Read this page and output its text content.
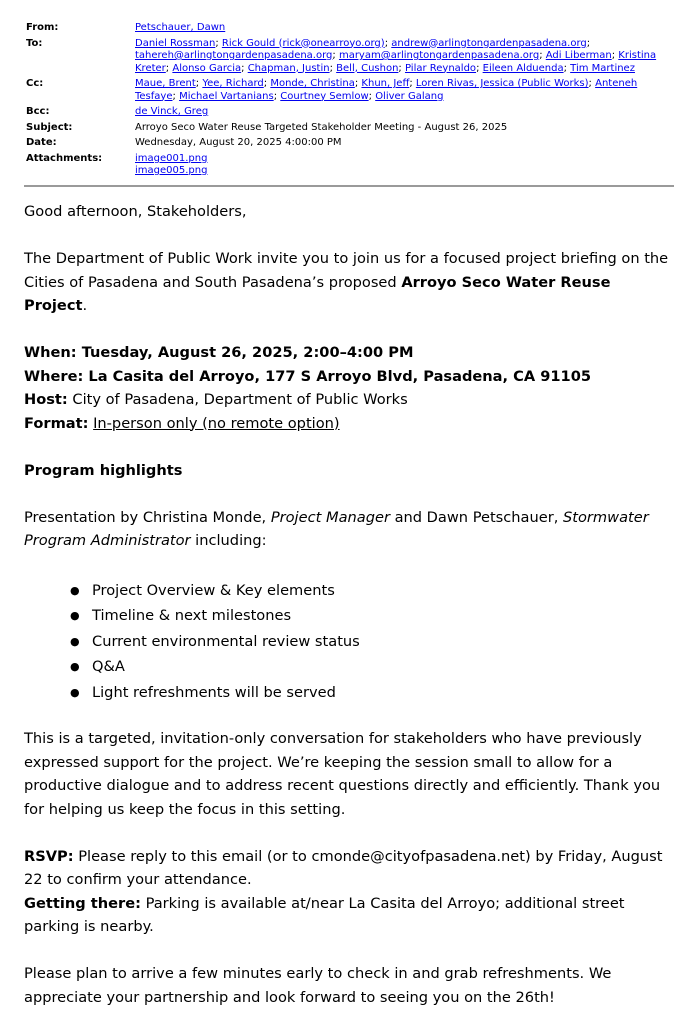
From:	Petschauer, Dawn
To:	Daniel Rossman; Rick Gould (rick@onearroyo.org); andrew@arlingtongardenpasadena.org; tahereh@arlingtongardenpasadena.org; maryam@arlingtongardenpasadena.org; Adi Liberman; Kristina Kreter; Alonso Garcia; Chapman, Justin; Bell, Cushon; Pilar Reynaldo; Eileen Alduenda; Tim Martinez
Cc:	Maue, Brent; Yee, Richard; Monde, Christina; Khun, Jeff; Loren Rivas, Jessica (Public Works); Anteneh Tesfaye; Michael Vartanians; Courtney Semlow; Oliver Galang
Bcc:	de Vinck, Greg
Subject:	Arroyo Seco Water Reuse Targeted Stakeholder Meeting - August 26, 2025
Date:	Wednesday, August 20, 2025 4:00:00 PM
Attachments:	image001.png
image005.png

Good afternoon, Stakeholders,

The Department of Public Work invite you to join us for a focused project briefing on the Cities of Pasadena and South Pasadena’s proposed Arroyo Seco Water Reuse Project.

When: Tuesday, August 26, 2025, 2:00–4:00 PM

Where: La Casita del Arroyo, 177 S Arroyo Blvd, Pasadena, CA 91105

Host: City of Pasadena, Department of Public Works

Format: In-person only (no remote option)

Program highlights

Presentation by Christina Monde, Project Manager and Dawn Petschauer, Stormwater Program Administrator including:

● Project Overview & Key elements
● Timeline & next milestones
● Current environmental review status
● Q&A
● Light refreshments will be served

This is a targeted, invitation-only conversation for stakeholders who have previously expressed support for the project. We’re keeping the session small to allow for a productive dialogue and to address recent questions directly and efficiently. Thank you for helping us keep the focus in this setting.

RSVP: Please reply to this email (or to cmonde@cityofpasadena.net) by Friday, August 22 to confirm your attendance.

Getting there: Parking is available at/near La Casita del Arroyo; additional street parking is nearby.

Please plan to arrive a few minutes early to check in and grab refreshments. We appreciate your partnership and look forward to seeing you on the 26th!
